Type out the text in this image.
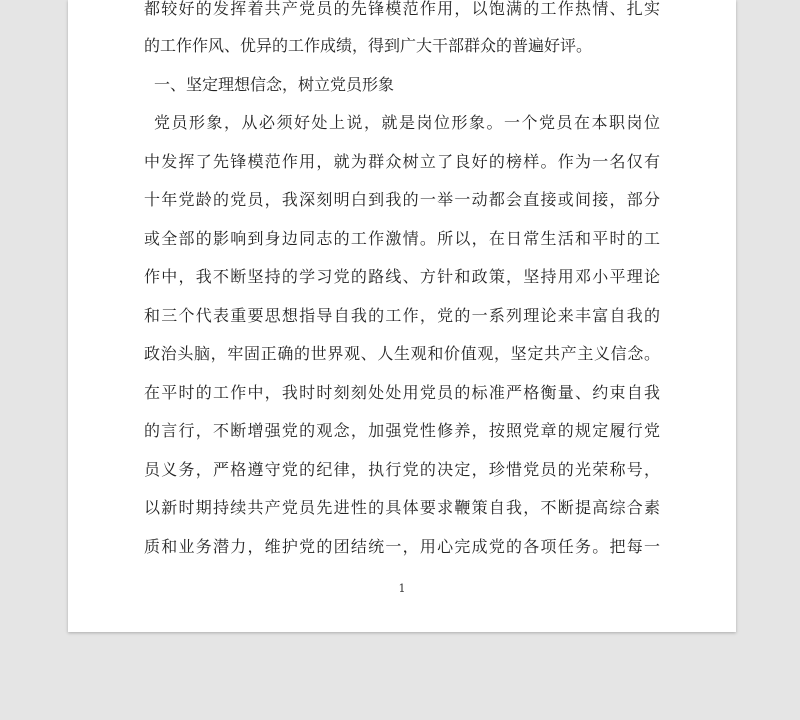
都较好的发挥着共产党员的先锋模范作用，以饱满的工作热情、扎实
的工作作风、优异的工作成绩，得到广大干部群众的普遍好评。
一、坚定理想信念，树立党员形象
党员形象，从必须好处上说，就是岗位形象。一个党员在本职岗位
中发挥了先锋模范作用，就为群众树立了良好的榜样。作为一名仅有
十年党龄的党员，我深刻明白到我的一举一动都会直接或间接，部分
或全部的影响到身边同志的工作激情。所以，在日常生活和平时的工
作中，我不断坚持的学习党的路线、方针和政策，坚持用邓小平理论
和三个代表重要思想指导自我的工作，党的一系列理论来丰富自我的
政治头脑，牢固正确的世界观、人生观和价值观，坚定共产主义信念。
在平时的工作中，我时时刻刻处处用党员的标准严格衡量、约束自我
的言行，不断增强党的观念，加强党性修养，按照党章的规定履行党
员义务，严格遵守党的纪律，执行党的决定，珍惜党员的光荣称号，
以新时期持续共产党员先进性的具体要求鞭策自我，不断提高综合素
质和业务潜力，维护党的团结统一，用心完成党的各项任务。把每一
1
